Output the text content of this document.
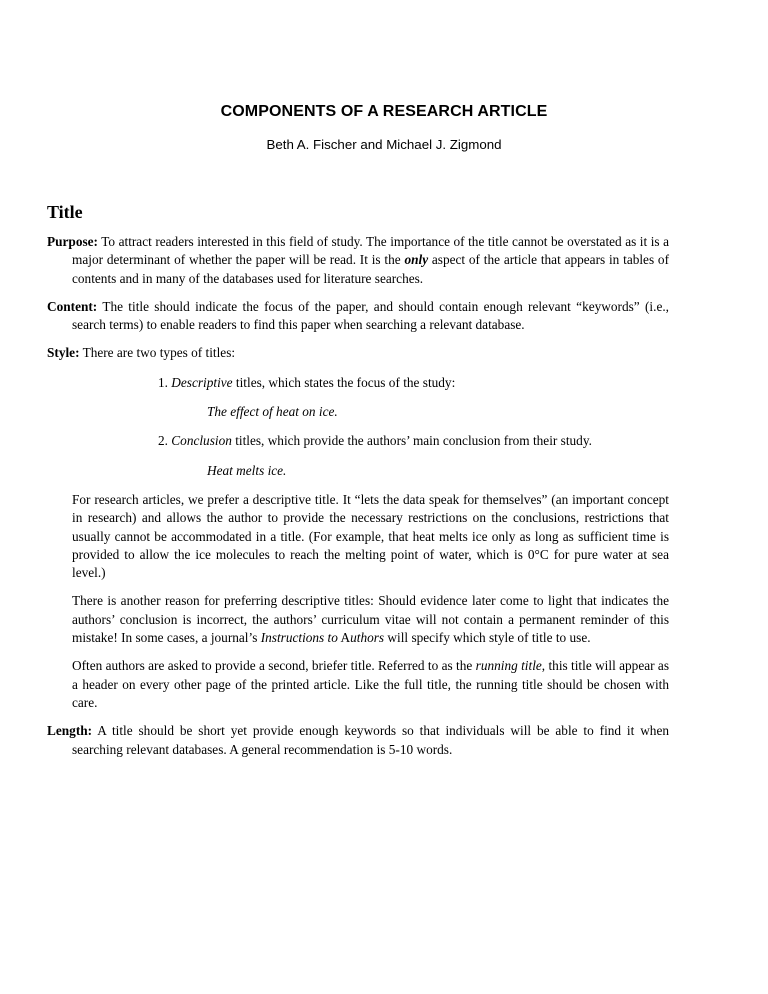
COMPONENTS OF A RESEARCH ARTICLE
Beth A. Fischer and Michael J. Zigmond
Title

Purpose: To attract readers interested in this field of study. The importance of the title cannot be overstated as it is a major determinant of whether the paper will be read. It is the only aspect of the article that appears in tables of contents and in many of the databases used for literature searches.

Content: The title should indicate the focus of the paper, and should contain enough relevant “keywords” (i.e., search terms) to enable readers to find this paper when searching a relevant database.

Style: There are two types of titles:

1. Descriptive titles, which states the focus of the study:

The effect of heat on ice.

2. Conclusion titles, which provide the authors’ main conclusion from their study.

Heat melts ice.

For research articles, we prefer a descriptive title. It “lets the data speak for themselves” (an important concept in research) and allows the author to provide the necessary restrictions on the conclusions, restrictions that usually cannot be accommodated in a title. (For example, that heat melts ice only as long as sufficient time is provided to allow the ice molecules to reach the melting point of water, which is 0°C for pure water at sea level.)

There is another reason for preferring descriptive titles: Should evidence later come to light that indicates the authors’ conclusion is incorrect, the authors’ curriculum vitae will not contain a permanent reminder of this mistake! In some cases, a journal’s Instructions to Authors will specify which style of title to use.

Often authors are asked to provide a second, briefer title. Referred to as the running title, this title will appear as a header on every other page of the printed article. Like the full title, the running title should be chosen with care.

Length: A title should be short yet provide enough keywords so that individuals will be able to find it when searching relevant databases. A general recommendation is 5-10 words.
